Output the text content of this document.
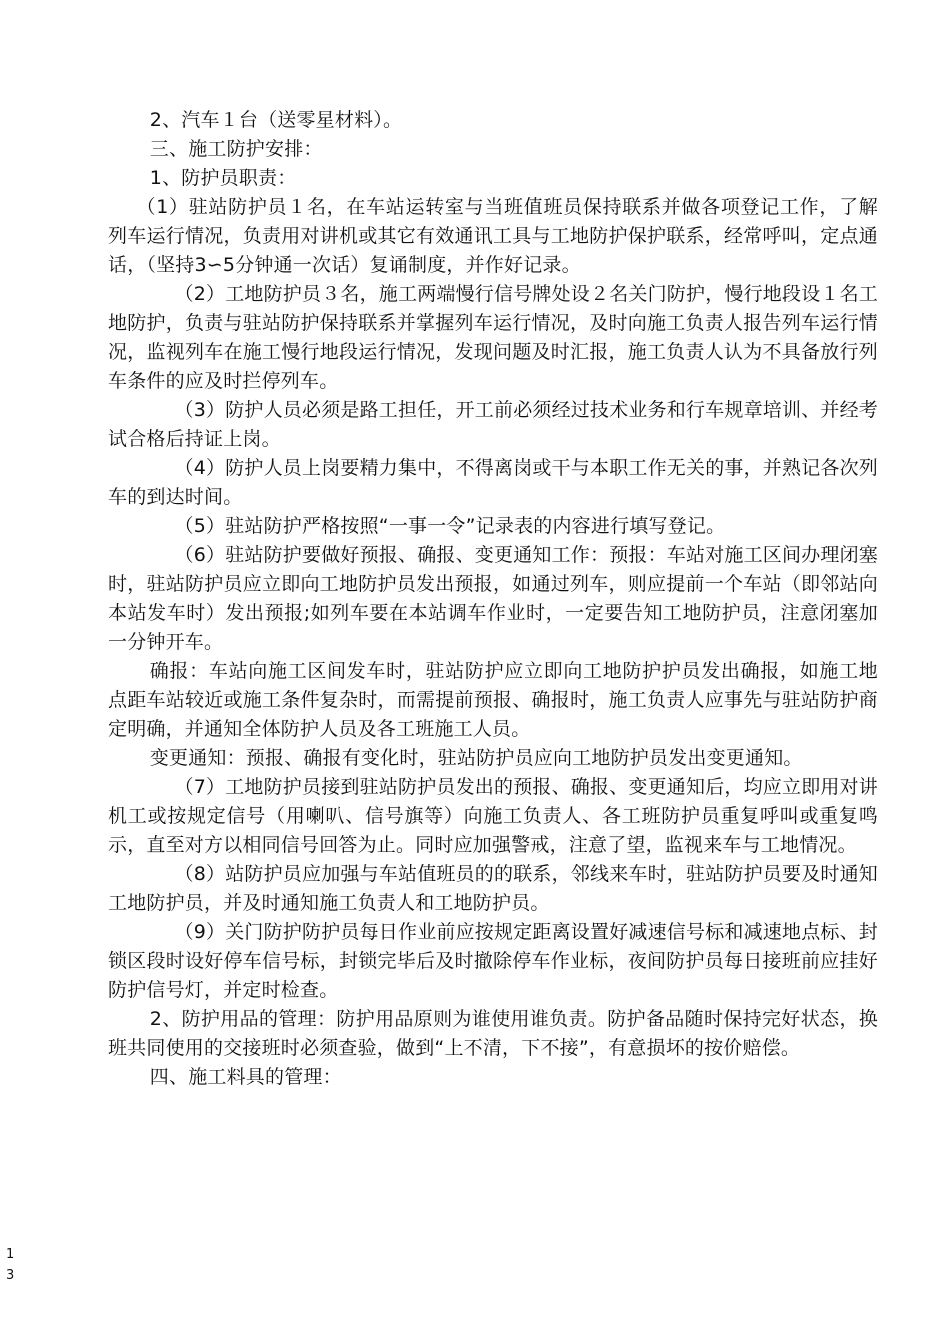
2、汽车１台（送零星材料）。

三、施工防护安排：

1、防护员职责：

（1）驻站防护员１名，在车站运转室与当班值班员保持联系并做各项登记工作，了解列车运行情况，负责用对讲机或其它有效通讯工具与工地防护保护联系，经常呼叫，定点通话，（坚持3∽5分钟通一次话）复诵制度，并作好记录。

（2）工地防护员３名，施工两端慢行信号牌处设２名关门防护，慢行地段设１名工地防护，负责与驻站防护保持联系并掌握列车运行情况，及时向施工负责人报告列车运行情况，监视列车在施工慢行地段运行情况，发现问题及时汇报，施工负责人认为不具备放行列车条件的应及时拦停列车。

（3）防护人员必须是路工担任，开工前必须经过技术业务和行车规章培训、并经考试合格后持证上岗。

（4）防护人员上岗要精力集中，不得离岗或干与本职工作无关的事，并熟记各次列车的到达时间。

（5）驻站防护严格按照“一事一令”记录表的内容进行填写登记。

（6）驻站防护要做好预报、确报、变更通知工作：预报：车站对施工区间办理闭塞时，驻站防护员应立即向工地防护员发出预报，如通过列车，则应提前一个车站（即邻站向本站发车时）发出预报;如列车要在本站调车作业时，一定要告知工地防护员，注意闭塞加一分钟开车。

确报：车站向施工区间发车时，驻站防护应立即向工地防护护员发出确报，如施工地点距车站较近或施工条件复杂时，而需提前预报、确报时，施工负责人应事先与驻站防护商定明确，并通知全体防护人员及各工班施工人员。

变更通知：预报、确报有变化时，驻站防护员应向工地防护员发出变更通知。

（7）工地防护员接到驻站防护员发出的预报、确报、变更通知后，均应立即用对讲机工或按规定信号（用喇叭、信号旗等）向施工负责人、各工班防护员重复呼叫或重复鸣示，直至对方以相同信号回答为止。同时应加强警戒，注意了望，监视来车与工地情况。

（8）站防护员应加强与车站值班员的的联系，邻线来车时，驻站防护员要及时通知工地防护员，并及时通知施工负责人和工地防护员。

（9）关门防护防护员每日作业前应按规定距离设置好减速信号标和减速地点标、封锁区段时设好停车信号标，封锁完毕后及时撤除停车作业标，夜间防护员每日接班前应挂好防护信号灯，并定时检查。

2、防护用品的管理：防护用品原则为谁使用谁负责。防护备品随时保持完好状态，换班共同使用的交接班时必须查验，做到“上不清，下不接”，有意损坏的按价赔偿。

四、施工料具的管理：

1
3
